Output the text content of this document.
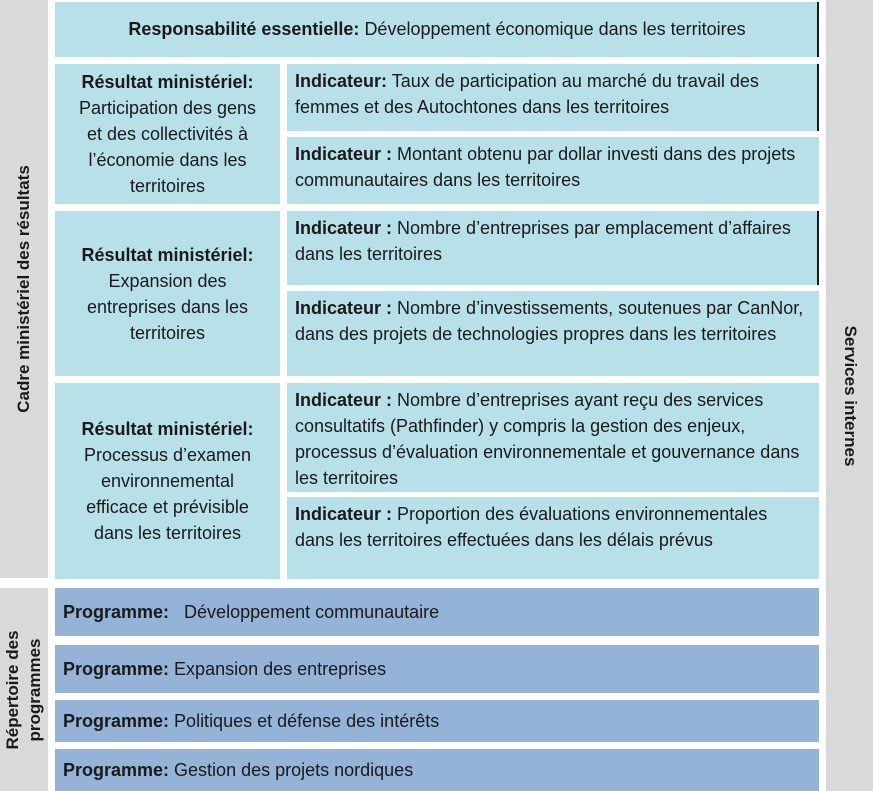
Cadre ministériel des résultats
Répertoire des programmes
Services internes
Responsabilité essentielle: Développement économique dans les territoires
Résultat ministériel:
Participation des gens
et des collectivités à
l’économie dans les
territoires
Indicateur: Taux de participation au marché du travail des femmes et des Autochtones dans les territoires
Indicateur : Montant obtenu par dollar investi dans des projets communautaires dans les territoires
Résultat ministériel:
Expansion des
entreprises dans les
territoires
Indicateur : Nombre d’entreprises par emplacement d’affaires dans les territoires
Indicateur : Nombre d’investissements, soutenues par CanNor, dans des projets de technologies propres dans les territoires
Résultat ministériel:
Processus d’examen
environnemental
efficace et prévisible
dans les territoires
Indicateur : Nombre d’entreprises ayant reçu des services consultatifs (Pathfinder) y compris la gestion des enjeux, processus d’évaluation environnementale et gouvernance dans les territoires
Indicateur : Proportion des évaluations environnementales dans les territoires effectuées dans les délais prévus
Programme:
Développement communautaire
Programme:
Expansion des entreprises
Programme:
Politiques et défense des intérêts
Programme:
Gestion des projets nordiques
